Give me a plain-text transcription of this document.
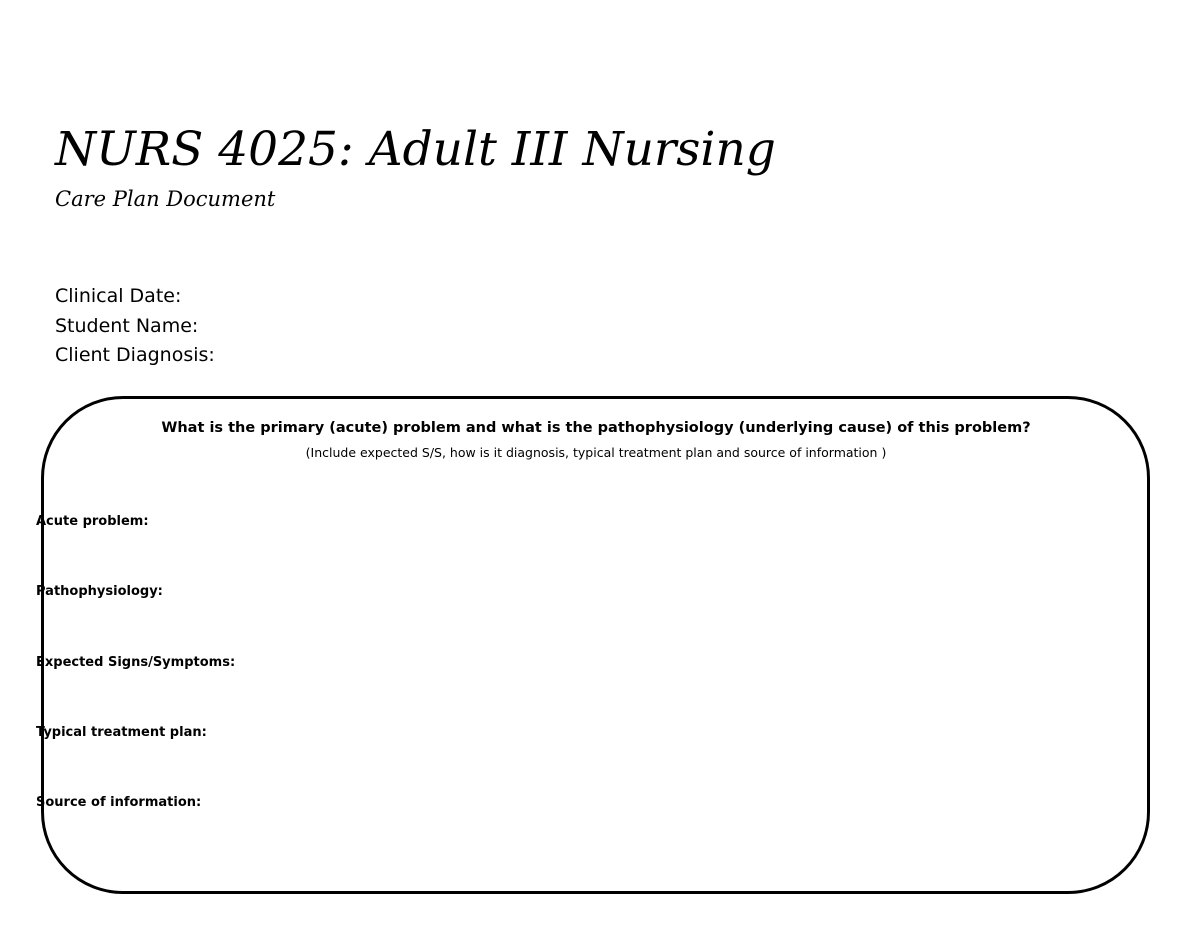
NURS 4025: Adult III Nursing
Care Plan Document
Clinical Date:
Student Name:
Client Diagnosis:
What is the primary (acute) problem and what is the pathophysiology (underlying cause) of this problem?
(Include expected S/S, how is it diagnosis, typical treatment plan and source of information )
Acute problem:
Pathophysiology:
Expected Signs/Symptoms:
Typical treatment plan:
Source of information:
